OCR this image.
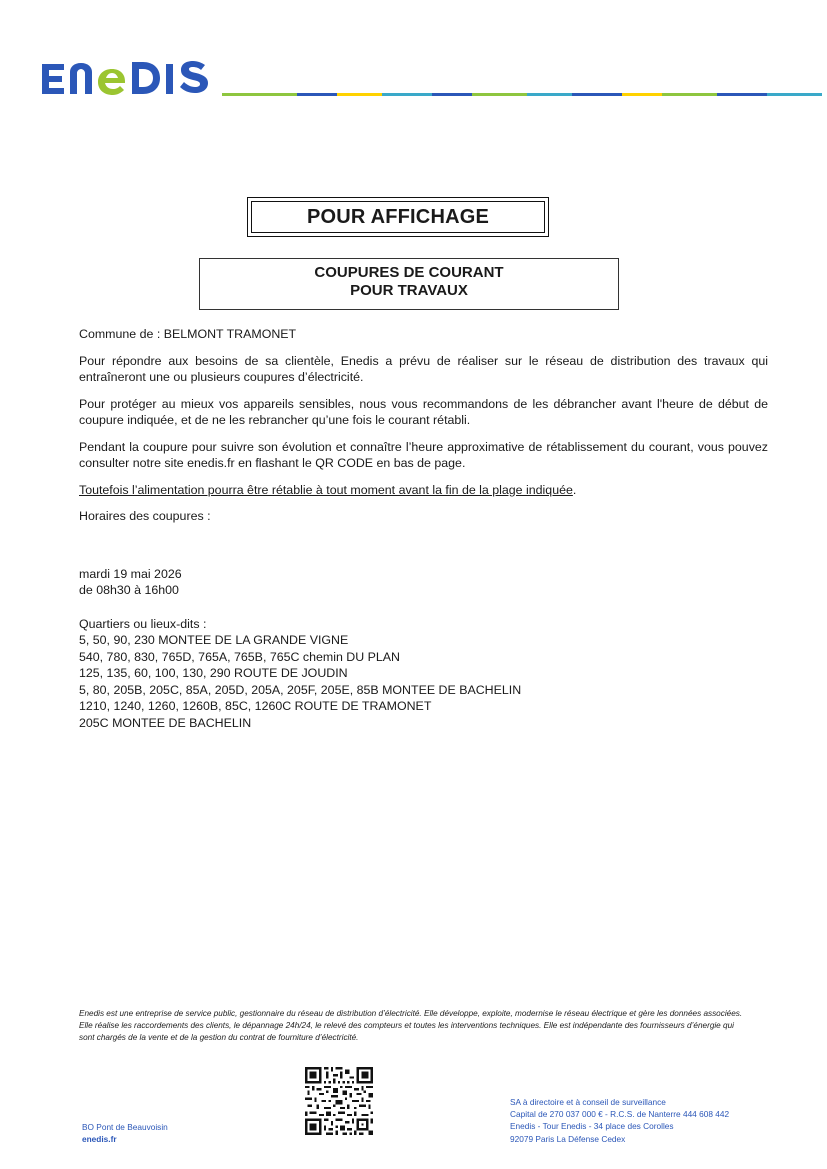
POUR AFFICHAGE
COUPURES DE COURANT
POUR TRAVAUX

Commune de : BELMONT TRAMONET

Pour répondre aux besoins de sa clientèle, Enedis a prévu de réaliser sur le réseau de distribution des travaux qui entraîneront une ou plusieurs coupures d’électricité.

Pour protéger au mieux vos appareils sensibles, nous vous recommandons de les débrancher avant l'heure de début de coupure indiquée, et de ne les rebrancher qu’une fois le courant rétabli.

Pendant la coupure pour suivre son évolution et connaître l’heure approximative de rétablissement du courant, vous pouvez consulter notre site enedis.fr en flashant le QR CODE en bas de page.

Toutefois l’alimentation pourra être rétablie à tout moment avant la fin de la plage indiquée.

Horaires des coupures :

mardi 19 mai 2026
de 08h30 à 16h00
Quartiers ou lieux-dits :
5, 50, 90, 230 MONTEE DE LA GRANDE VIGNE
540, 780, 830, 765D, 765A, 765B, 765C chemin DU PLAN
125, 135, 60, 100, 130, 290 ROUTE DE JOUDIN
5, 80, 205B, 205C, 85A, 205D, 205A, 205F, 205E, 85B MONTEE DE BACHELIN
1210, 1240, 1260, 1260B, 85C, 1260C ROUTE DE TRAMONET
205C MONTEE DE BACHELIN
Enedis est une entreprise de service public, gestionnaire du réseau de distribution d’électricité. Elle développe, exploite, modernise le réseau électrique et gère les données associées. Elle réalise les raccordements des clients, le dépannage 24h/24, le relevé des compteurs et toutes les interventions techniques. Elle est indépendante des fournisseurs d’énergie qui sont chargés de la vente et de la gestion du contrat de fourniture d’électricité.
BO Pont de Beauvoisin
enedis.fr
SA à directoire et à conseil de surveillance
Capital de 270 037 000 € - R.C.S. de Nanterre 444 608 442
Enedis - Tour Enedis - 34 place des Corolles
92079 Paris La Défense Cedex
